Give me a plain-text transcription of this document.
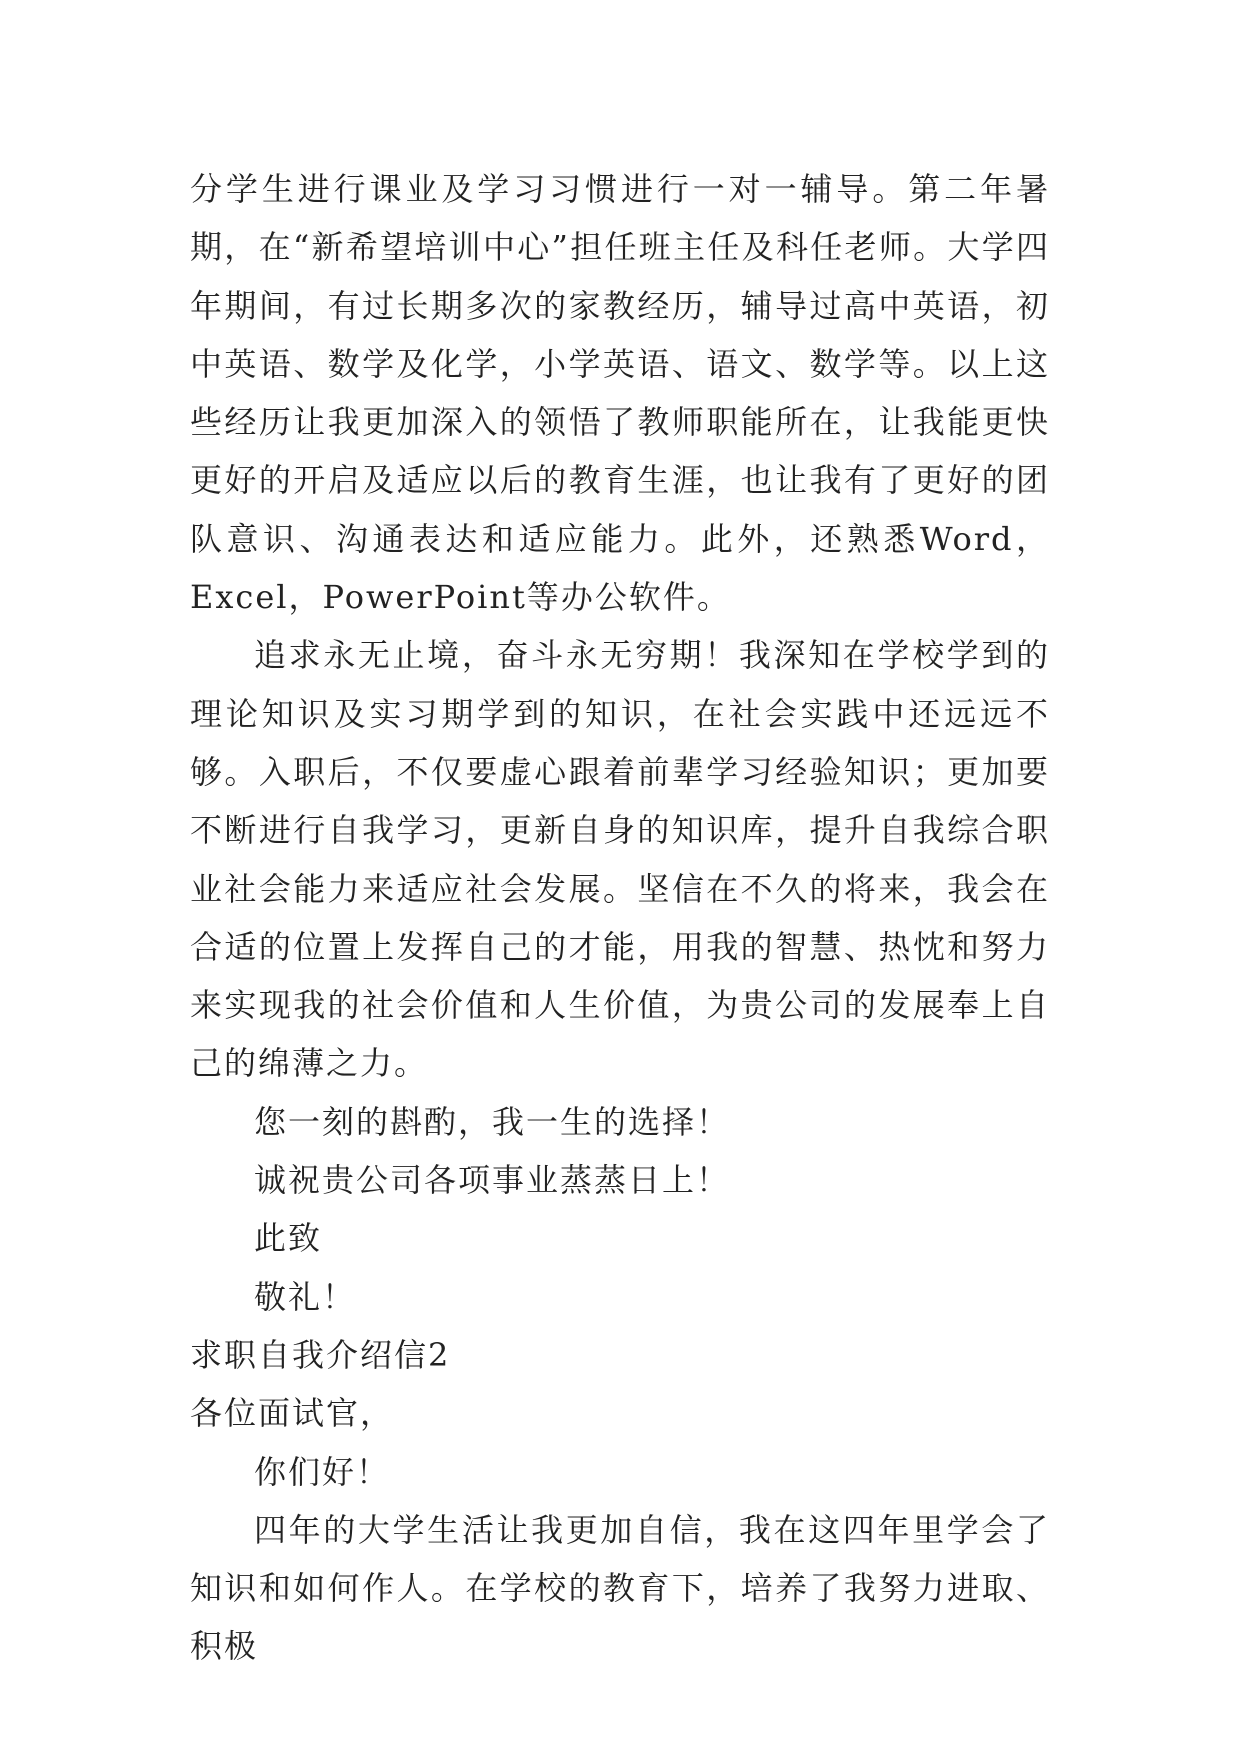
分学生进行课业及学习习惯进行一对一辅导。第二年暑期，在“新希望培训中心”担任班主任及科任老师。大学四年期间，有过长期多次的家教经历，辅导过高中英语，初中英语、数学及化学，小学英语、语文、数学等。以上这些经历让我更加深入的领悟了教师职能所在，让我能更快更好的开启及适应以后的教育生涯，也让我有了更好的团队意识、沟通表达和适应能力。此外，还熟悉Word，Excel，PowerPoint等办公软件。

追求永无止境，奋斗永无穷期！我深知在学校学到的理论知识及实习期学到的知识，在社会实践中还远远不够。入职后，不仅要虚心跟着前辈学习经验知识；更加要不断进行自我学习，更新自身的知识库，提升自我综合职业社会能力来适应社会发展。坚信在不久的将来，我会在合适的位置上发挥自己的才能，用我的智慧、热忱和努力来实现我的社会价值和人生价值，为贵公司的发展奉上自己的绵薄之力。

您一刻的斟酌，我一生的选择！

诚祝贵公司各项事业蒸蒸日上！

此致

敬礼！

求职自我介绍信2

各位面试官，

你们好！

四年的大学生活让我更加自信，我在这四年里学会了知识和如何作人。在学校的教育下，培养了我努力进取、积极
